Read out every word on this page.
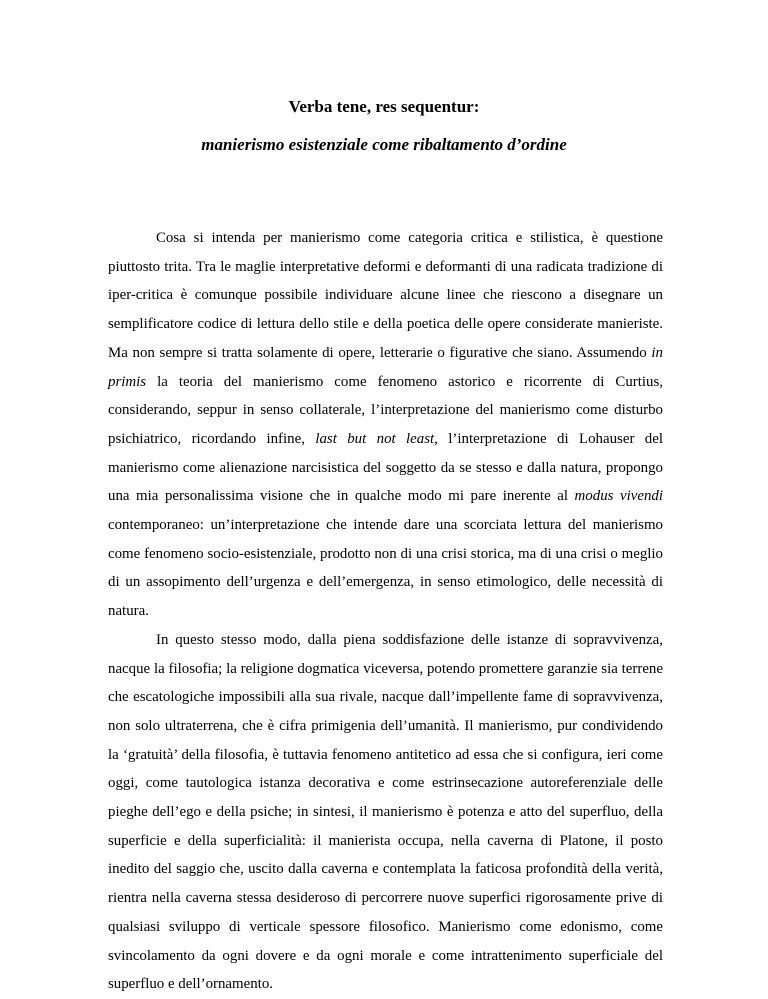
Verba tene, res sequentur:
manierismo esistenziale come ribaltamento d’ordine

Cosa si intenda per manierismo come categoria critica e stilistica, è questione piuttosto trita. Tra le maglie interpretative deformi e deformanti di una radicata tradizione di iper-critica è comunque possibile individuare alcune linee che riescono a disegnare un semplificatore codice di lettura dello stile e della poetica delle opere considerate manieriste. Ma non sempre si tratta solamente di opere, letterarie o figurative che siano. Assumendo in primis la teoria del manierismo come fenomeno astorico e ricorrente di Curtius, considerando, seppur in senso collaterale, l’interpretazione del manierismo come disturbo psichiatrico, ricordando infine, last but not least, l’interpretazione di Lohauser del manierismo come alienazione narcisistica del soggetto da se stesso e dalla natura, propongo una mia personalissima visione che in qualche modo mi pare inerente al modus vivendi contemporaneo: un’interpretazione che intende dare una scorciata lettura del manierismo come fenomeno socio-esistenziale, prodotto non di una crisi storica, ma di una crisi o meglio di un assopimento dell’urgenza e dell’emergenza, in senso etimologico, delle necessità di natura.

In questo stesso modo, dalla piena soddisfazione delle istanze di sopravvivenza, nacque la filosofia; la religione dogmatica viceversa, potendo promettere garanzie sia terrene che escatologiche impossibili alla sua rivale, nacque dall’impellente fame di sopravvivenza, non solo ultraterrena, che è cifra primigenia dell’umanità. Il manierismo, pur condividendo la ‘gratuità’ della filosofia, è tuttavia fenomeno antitetico ad essa che si configura, ieri come oggi, come tautologica istanza decorativa e come estrinsecazione autoreferenziale delle pieghe dell’ego e della psiche; in sintesi, il manierismo è potenza e atto del superfluo, della superficie e della superficialità: il manierista occupa, nella caverna di Platone, il posto inedito del saggio che, uscito dalla caverna e contemplata la faticosa profondità della verità, rientra nella caverna stessa desideroso di percorrere nuove superfici rigorosamente prive di qualsiasi sviluppo di verticale spessore filosofico. Manierismo come edonismo, come svincolamento da ogni dovere e da ogni morale e come intrattenimento superficiale del superfluo e dell’ornamento.
